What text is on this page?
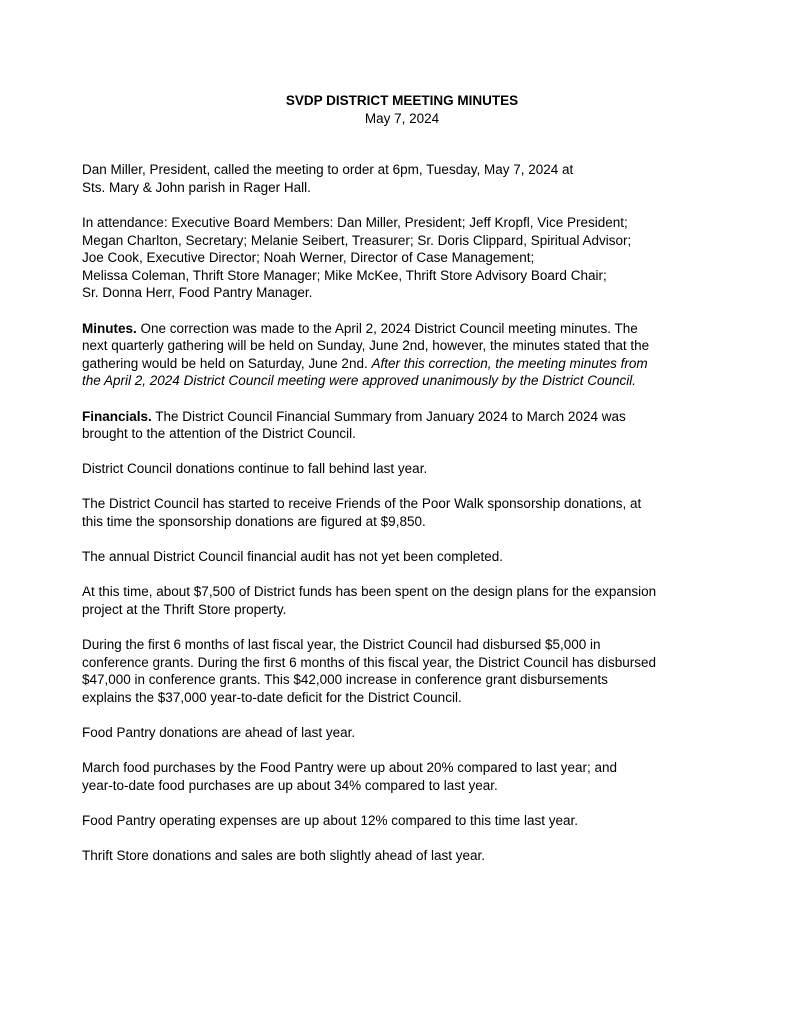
SVDP DISTRICT MEETING MINUTES

May 7, 2024

Dan Miller, President, called the meeting to order at 6pm, Tuesday, May 7, 2024 at
Sts. Mary & John parish in Rager Hall.

In attendance: Executive Board Members: Dan Miller, President; Jeff Kropfl, Vice President;
Megan Charlton, Secretary; Melanie Seibert, Treasurer; Sr. Doris Clippard, Spiritual Advisor;
Joe Cook, Executive Director; Noah Werner, Director of Case Management;
Melissa Coleman, Thrift Store Manager; Mike McKee, Thrift Store Advisory Board Chair;
Sr. Donna Herr, Food Pantry Manager.

Minutes. One correction was made to the April 2, 2024 District Council meeting minutes. The
next quarterly gathering will be held on Sunday, June 2nd, however, the minutes stated that the
gathering would be held on Saturday, June 2nd. After this correction, the meeting minutes from
the April 2, 2024 District Council meeting were approved unanimously by the District Council.

Financials. The District Council Financial Summary from January 2024 to March 2024 was
brought to the attention of the District Council.

District Council donations continue to fall behind last year.

The District Council has started to receive Friends of the Poor Walk sponsorship donations, at
this time the sponsorship donations are figured at $9,850.

The annual District Council financial audit has not yet been completed.

At this time, about $7,500 of District funds has been spent on the design plans for the expansion
project at the Thrift Store property.

During the first 6 months of last fiscal year, the District Council had disbursed $5,000 in
conference grants. During the first 6 months of this fiscal year, the District Council has disbursed
$47,000 in conference grants. This $42,000 increase in conference grant disbursements
explains the $37,000 year-to-date deficit for the District Council.

Food Pantry donations are ahead of last year.

March food purchases by the Food Pantry were up about 20% compared to last year; and
year-to-date food purchases are up about 34% compared to last year.

Food Pantry operating expenses are up about 12% compared to this time last year.

Thrift Store donations and sales are both slightly ahead of last year.
